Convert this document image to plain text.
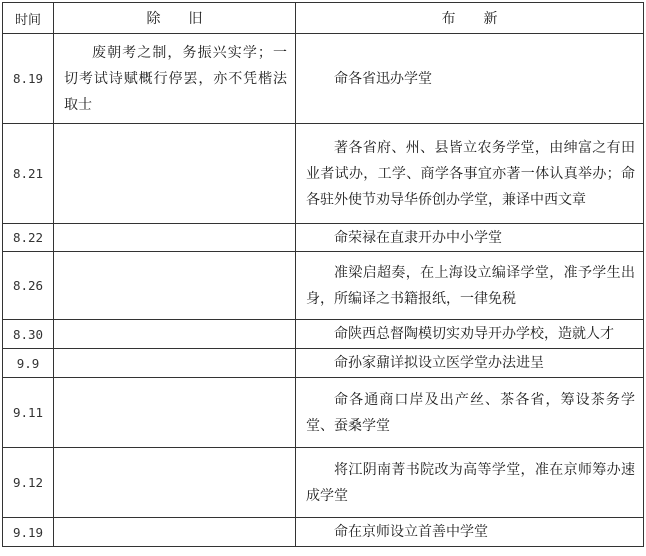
时间	除　　旧	布　　新
8.19	废朝考之制，务振兴实学；一切考试诗赋概行停罢，亦不凭楷法取士	命各省迅办学堂

8.21		著各省府、州、县皆立农务学堂，由绅富之有田业者试办，工学、商学各事宜亦著一体认真举办；命各驻外使节劝导华侨创办学堂，兼译中西文章

8.22		命荣禄在直隶开办中小学堂

8.26		准梁启超奏，在上海设立编译学堂，准予学生出身，所编译之书籍报纸，一律免税

8.30		命陕西总督陶模切实劝导开办学校，造就人才

9.9		命孙家鼐详拟设立医学堂办法进呈

9.11		命各通商口岸及出产丝、茶各省，筹设茶务学堂、蚕桑学堂

9.12		将江阴南菁书院改为高等学堂，准在京师筹办速成学堂

9.19		命在京师设立首善中学堂
